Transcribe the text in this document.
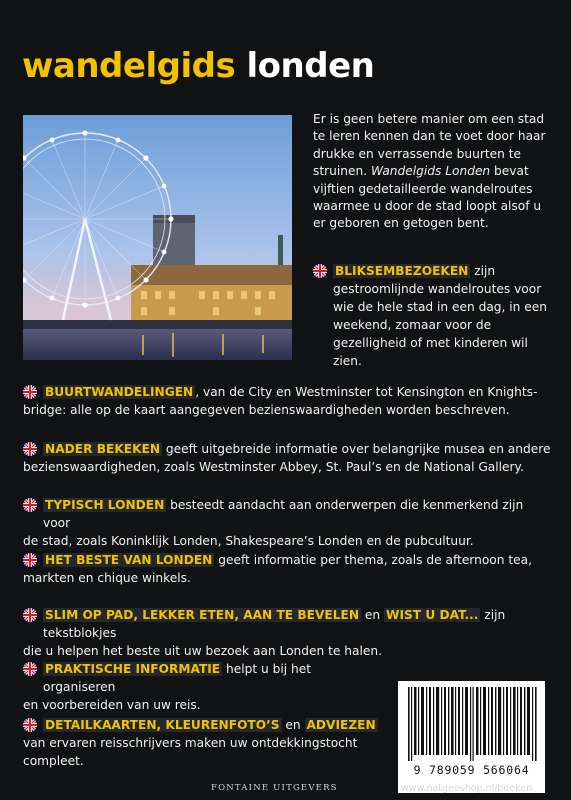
wandelgids londen
Er is geen betere manier om een stad te leren kennen dan te voet door haar drukke en verrassende buurten te struinen. Wandelgids Londen bevat vijftien gedetailleerde wandelroutes waarmee u door de stad loopt alsof u er geboren en getogen bent.
BLIKSEMBEZOEKEN zijn gestroomlijnde wandelroutes voor wie de hele stad in een dag, in een weekend, zomaar voor de gezelligheid of met kinderen wil zien.
BUURTWANDELINGEN , van de City en Westminster tot Kensington en Knights-
bridge: alle op de kaart aangegeven bezienswaardigheden worden beschreven.
NADER BEKEKEN geeft uitgebreide informatie over belangrijke musea en andere
bezienswaardigheden, zoals Westminster Abbey, St. Paul’s en de National Gallery.
TYPISCH LONDEN besteedt aandacht aan onderwerpen die kenmerkend zijn voor
de stad, zoals Koninklijk Londen, Shakespeare’s Londen en de pubcultuur.
HET BESTE VAN LONDEN geeft informatie per thema, zoals de afternoon tea,
markten en chique winkels.
SLIM OP PAD, LEKKER ETEN, AAN TE BEVELEN en WIST U DAT... zijn tekstblokjes
die u helpen het beste uit uw bezoek aan Londen te halen.
PRAKTISCHE INFORMATIE helpt u bij het organiseren
en voorbereiden van uw reis.
DETAILKAARTEN, KLEURENFOTO’S en ADVIEZEN
van ervaren reisschrijvers maken uw ontdekkingstocht
compleet.
9 789059 566064
FONTAINE UITGEVERS	www.natgeoshop.nl/boeken
